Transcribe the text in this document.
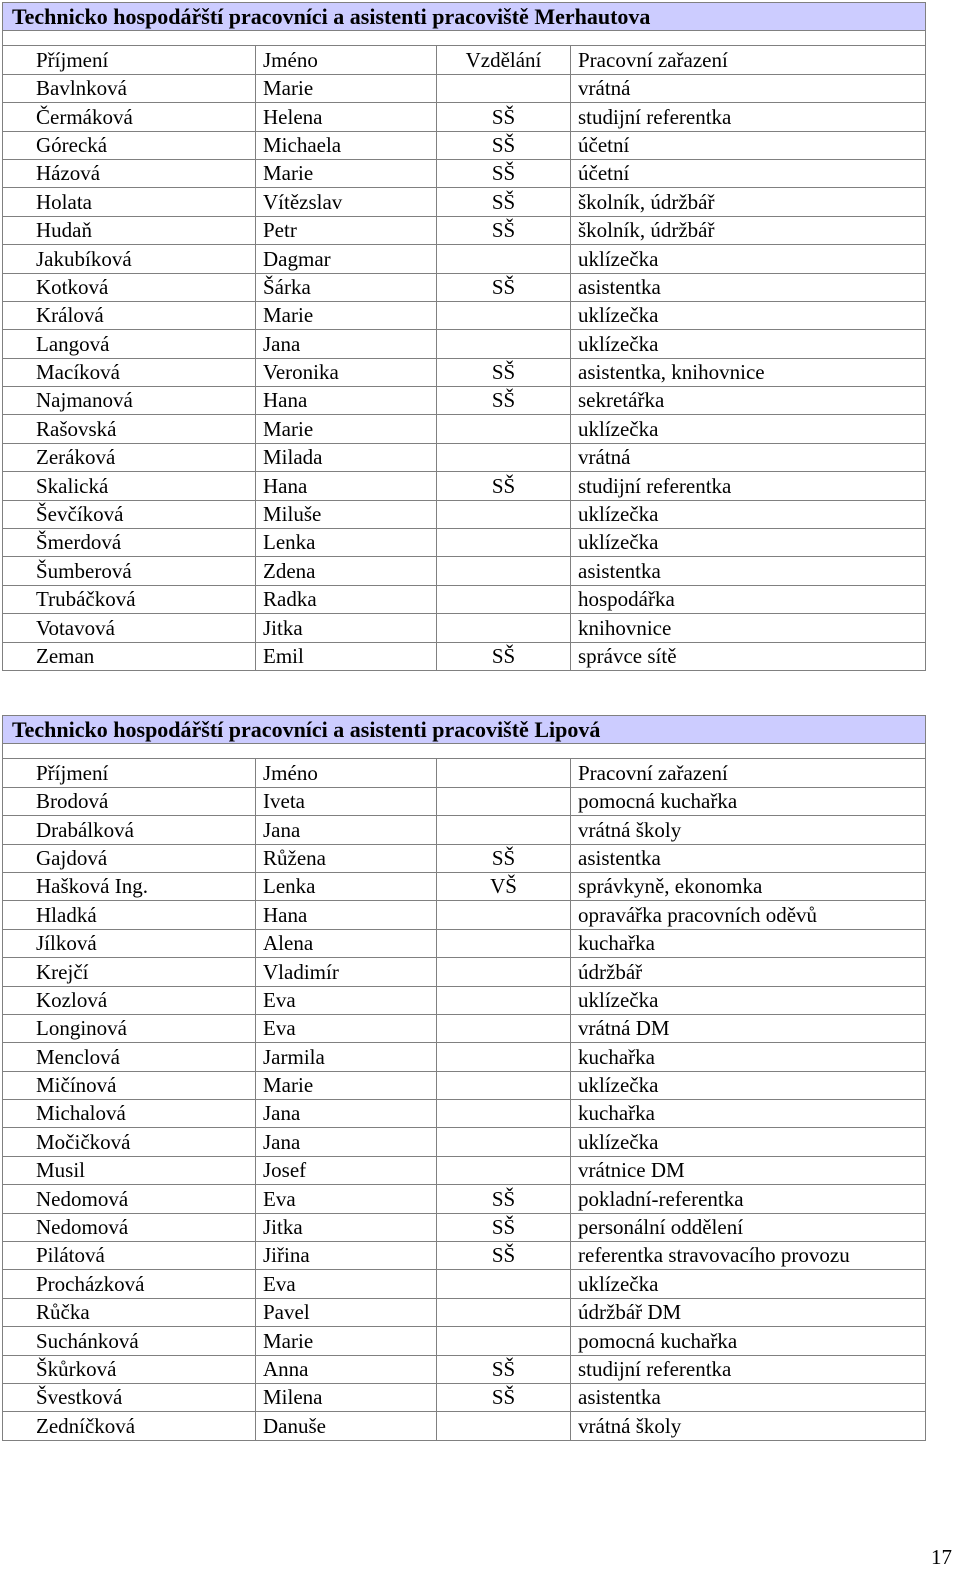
Technicko hospodářští pracovníci a asistenti pracoviště Merhautova			

Příjmení	Jméno	Vzdělání	Pracovní zařazení
Bavlnková	Marie		vrátná
Čermáková	Helena	SŠ	studijní referentka
Górecká	Michaela	SŠ	účetní
Házová	Marie	SŠ	účetní
Holata	Vítězslav	SŠ	školník, údržbář
Hudaň	Petr	SŠ	školník, údržbář
Jakubíková	Dagmar		uklízečka
Kotková	Šárka	SŠ	asistentka
Králová	Marie		uklízečka
Langová	Jana		uklízečka
Macíková	Veronika	SŠ	asistentka, knihovnice
Najmanová	Hana	SŠ	sekretářka
Rašovská	Marie		uklízečka
Zeráková	Milada		vrátná
Skalická	Hana	SŠ	studijní referentka
Ševčíková	Miluše		uklízečka
Šmerdová	Lenka		uklízečka
Šumberová	Zdena		asistentka
Trubáčková	Radka		hospodářka
Votavová	Jitka		knihovnice
Zeman	Emil	SŠ	správce sítě
Technicko hospodářští pracovníci a asistenti pracoviště Lipová			

Příjmení	Jméno		Pracovní zařazení
Brodová	Iveta		pomocná kuchařka
Drabálková	Jana		vrátná školy
Gajdová	Růžena	SŠ	asistentka
Hašková Ing.	Lenka	VŠ	správkyně, ekonomka
Hladká	Hana		opravářka pracovních oděvů
Jílková	Alena		kuchařka
Krejčí	Vladimír		údržbář
Kozlová	Eva		uklízečka
Longinová	Eva		vrátná DM
Menclová	Jarmila		kuchařka
Mičínová	Marie		uklízečka
Michalová	Jana		kuchařka
Močičková	Jana		uklízečka
Musil	Josef		vrátnice DM
Nedomová	Eva	SŠ	pokladní-referentka
Nedomová	Jitka	SŠ	personální oddělení
Pilátová	Jiřina	SŠ	referentka stravovacího provozu
Procházková	Eva		uklízečka
Růčka	Pavel		údržbář DM
Suchánková	Marie		pomocná kuchařka
Škůrková	Anna	SŠ	studijní referentka
Švestková	Milena	SŠ	asistentka
Zedníčková	Danuše		vrátná školy
17
